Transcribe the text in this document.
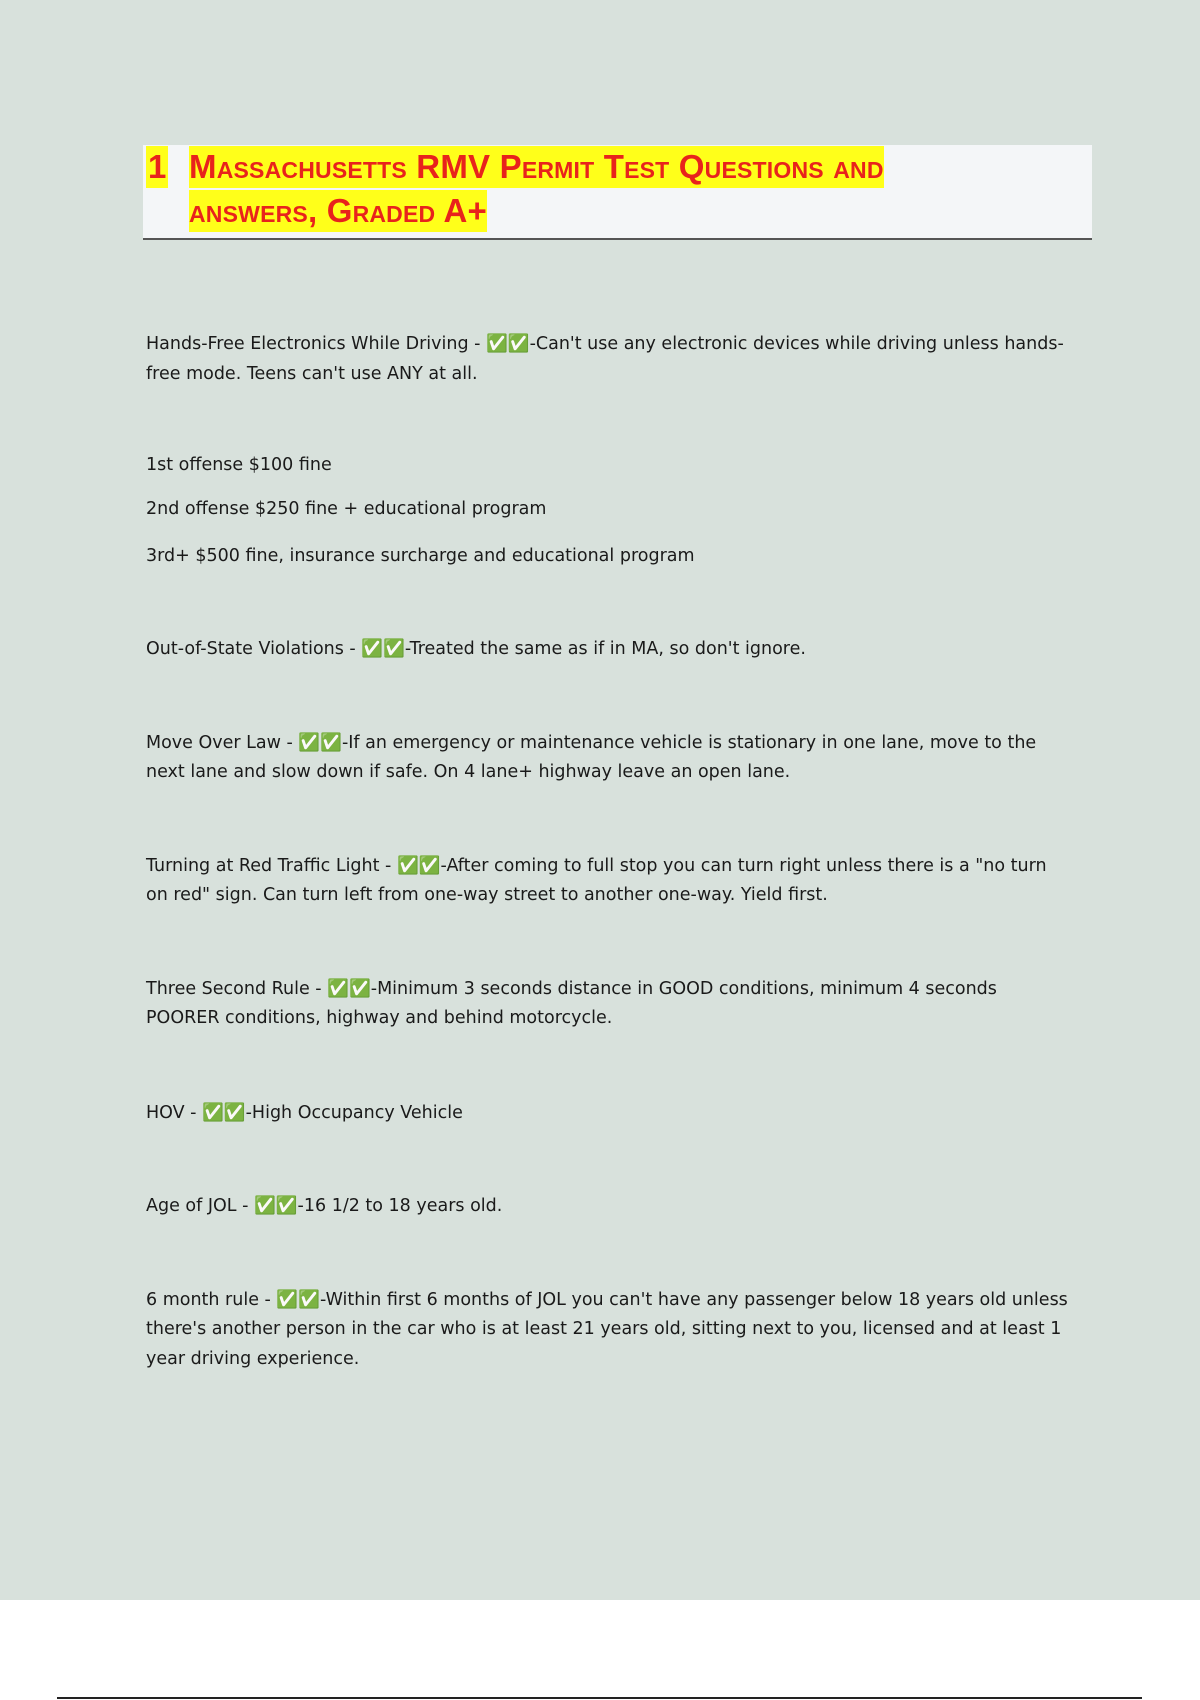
1 Massachusetts RMV Permit Test Questions and
answers, Graded A+

Hands-Free Electronics While Driving - ✅✅-Can't use any electronic devices while driving unless hands-

free mode. Teens can't use ANY at all.

1st offense $100 fine

2nd offense $250 fine + educational program

3rd+ $500 fine, insurance surcharge and educational program

Out-of-State Violations - ✅✅-Treated the same as if in MA, so don't ignore.

Move Over Law - ✅✅-If an emergency or maintenance vehicle is stationary in one lane, move to the

next lane and slow down if safe. On 4 lane+ highway leave an open lane.

Turning at Red Traffic Light - ✅✅-After coming to full stop you can turn right unless there is a "no turn

on red" sign. Can turn left from one-way street to another one-way. Yield first.

Three Second Rule - ✅✅-Minimum 3 seconds distance in GOOD conditions, minimum 4 seconds

POORER conditions, highway and behind motorcycle.

HOV - ✅✅-High Occupancy Vehicle

Age of JOL - ✅✅-16 1/2 to 18 years old.

6 month rule - ✅✅-Within first 6 months of JOL you can't have any passenger below 18 years old unless

there's another person in the car who is at least 21 years old, sitting next to you, licensed and at least 1

year driving experience.
